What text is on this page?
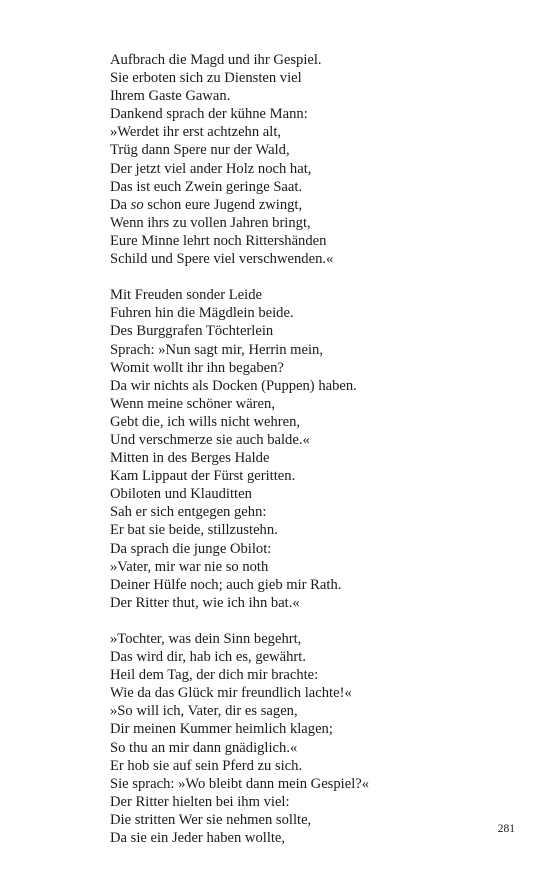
Aufbrach die Magd und ihr Gespiel.
Sie erboten sich zu Diensten viel
Ihrem Gaste Gawan.
Dankend sprach der kühne Mann:
»Werdet ihr erst achtzehn alt,
Trüg dann Spere nur der Wald,
Der jetzt viel ander Holz noch hat,
Das ist euch Zwein geringe Saat.
Da so schon eure Jugend zwingt,
Wenn ihrs zu vollen Jahren bringt,
Eure Minne lehrt noch Rittershänden
Schild und Spere viel verschwenden.«
Mit Freuden sonder Leide
Fuhren hin die Mägdlein beide.
Des Burggrafen Töchterlein
Sprach: »Nun sagt mir, Herrin mein,
Womit wollt ihr ihn begaben?
Da wir nichts als Docken (Puppen) haben.
Wenn meine schöner wären,
Gebt die, ich wills nicht wehren,
Und verschmerze sie auch balde.«
Mitten in des Berges Halde
Kam Lippaut der Fürst geritten.
Obiloten und Klauditten
Sah er sich entgegen gehn:
Er bat sie beide, stillzustehn.
Da sprach die junge Obilot:
»Vater, mir war nie so noth
Deiner Hülfe noch; auch gieb mir Rath.
Der Ritter thut, wie ich ihn bat.«
»Tochter, was dein Sinn begehrt,
Das wird dir, hab ich es, gewährt.
Heil dem Tag, der dich mir brachte:
Wie da das Glück mir freundlich lachte!«
»So will ich, Vater, dir es sagen,
Dir meinen Kummer heimlich klagen;
So thu an mir dann gnädiglich.«
Er hob sie auf sein Pferd zu sich.
Sie sprach: »Wo bleibt dann mein Gespiel?«
Der Ritter hielten bei ihm viel:
Die stritten Wer sie nehmen sollte,
Da sie ein Jeder haben wollte,
281
